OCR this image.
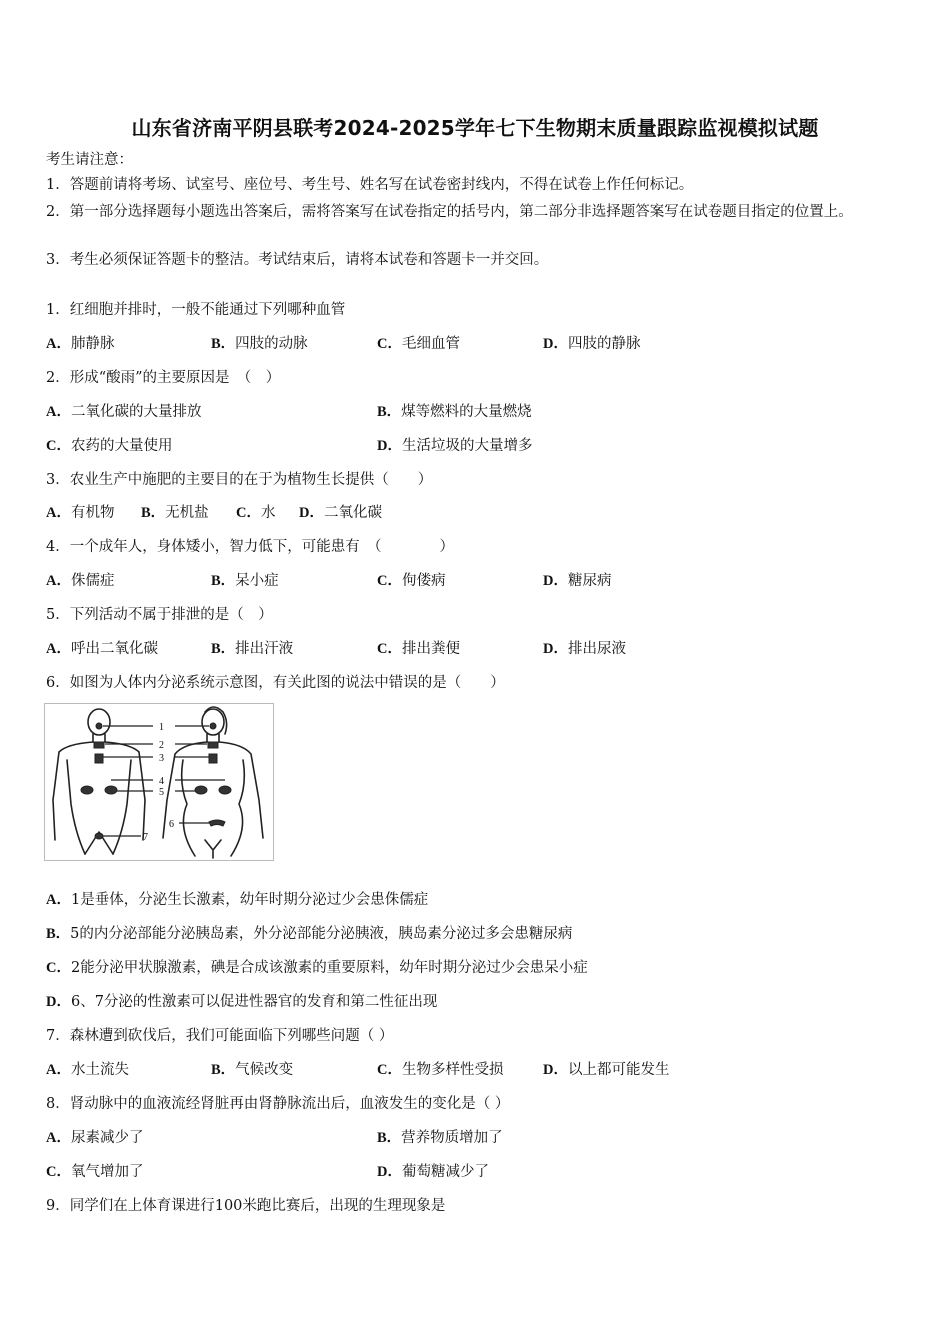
山东省济南平阴县联考2024-2025学年七下生物期末质量跟踪监视模拟试题
考生请注意：
1．答题前请将考场、试室号、座位号、考生号、姓名写在试卷密封线内，不得在试卷上作任何标记。
2．第一部分选择题每小题选出答案后，需将答案写在试卷指定的括号内，第二部分非选择题答案写在试卷题目指定的位置上。
3．考生必须保证答题卡的整洁。考试结束后，请将本试卷和答题卡一并交回。
1．红细胞并排时，一般不能通过下列哪种血管
A．肺静脉	B．四肢的动脉	C．毛细血管	D．四肢的静脉
2．形成“酸雨”的主要原因是　（　）
A．二氧化碳的大量排放	B．煤等燃料的大量燃烧
C．农药的大量使用	D．生活垃圾的大量增多
3．农业生产中施肥的主要目的在于为植物生长提供（　　）
A．有机物 B．无机盐 C．水 D．二氧化碳
4．一个成年人，身体矮小，智力低下，可能患有　（　　　　）
A．侏儒症	B．呆小症	C．佝偻病	D．糖尿病
5．下列活动不属于排泄的是（　）
A．呼出二氧化碳	B．排出汗液	C．排出粪便	D．排出尿液
6．如图为人体内分泌系统示意图，有关此图的说法中错误的是（　　）
1
2
3
4
5
6
7
A．1是垂体，分泌生长激素，幼年时期分泌过少会患侏儒症
B．5的内分泌部能分泌胰岛素，外分泌部能分泌胰液，胰岛素分泌过多会患糖尿病
C．2能分泌甲状腺激素，碘是合成该激素的重要原料，幼年时期分泌过少会患呆小症
D．6、7分泌的性激素可以促进性器官的发育和第二性征出现
7．森林遭到砍伐后，我们可能面临下列哪些问题（ ）
A．水土流失	B．气候改变	C．生物多样性受损	D．以上都可能发生
8．肾动脉中的血液流经肾脏再由肾静脉流出后，血液发生的变化是（ ）
A．尿素减少了	B．营养物质增加了
C．氧气增加了	D．葡萄糖减少了
9．同学们在上体育课进行100米跑比赛后，出现的生理现象是
